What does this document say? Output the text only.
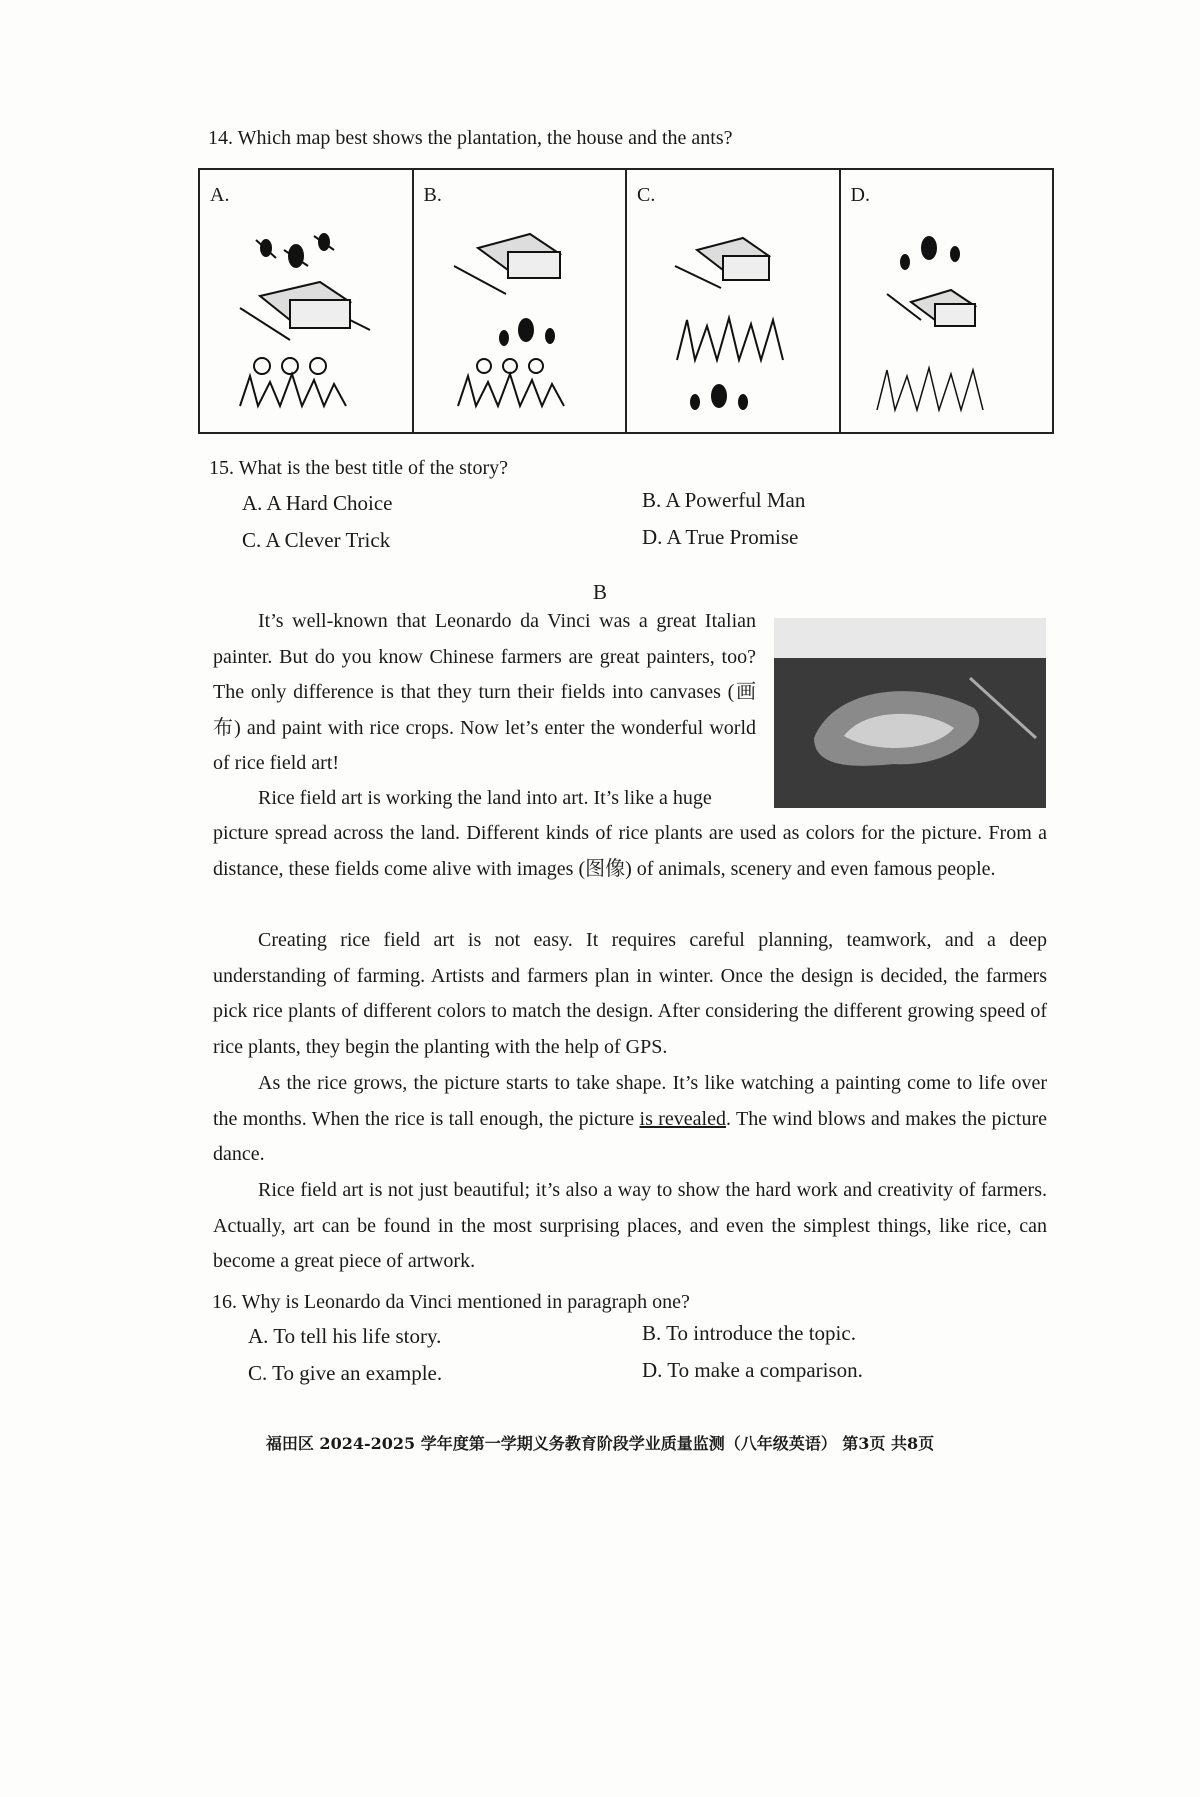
14. Which map best shows the plantation, the house and the ants?
A.	B.	C.	D.
15. What is the best title of the story?
A. A Hard Choice	B. A Powerful Man
C. A Clever Trick	D. A True Promise
B
It’s well-known that Leonardo da Vinci was a great Italian painter. But do you know Chinese farmers are great painters, too? The only difference is that they turn their fields into canvases (画布) and paint with rice crops. Now let’s enter the wonderful world of rice field art!
Rice field art is working the land into art. It’s like a huge
picture spread across the land. Different kinds of rice plants are used as colors for the picture. From a distance, these fields come alive with images (图像) of animals, scenery and even famous people.
Creating rice field art is not easy. It requires careful planning, teamwork, and a deep understanding of farming. Artists and farmers plan in winter. Once the design is decided, the farmers pick rice plants of different colors to match the design. After considering the different growing speed of rice plants, they begin the planting with the help of GPS.
As the rice grows, the picture starts to take shape. It’s like watching a painting come to life over the months. When the rice is tall enough, the picture is revealed. The wind blows and makes the picture dance.
Rice field art is not just beautiful; it’s also a way to show the hard work and creativity of farmers. Actually, art can be found in the most surprising places, and even the simplest things, like rice, can become a great piece of artwork.
16. Why is Leonardo da Vinci mentioned in paragraph one?
A. To tell his life story.	B. To introduce the topic.
C. To give an example.	D. To make a comparison.
福田区 2024-2025 学年度第一学期义务教育阶段学业质量监测（八年级英语） 第3页 共8页
